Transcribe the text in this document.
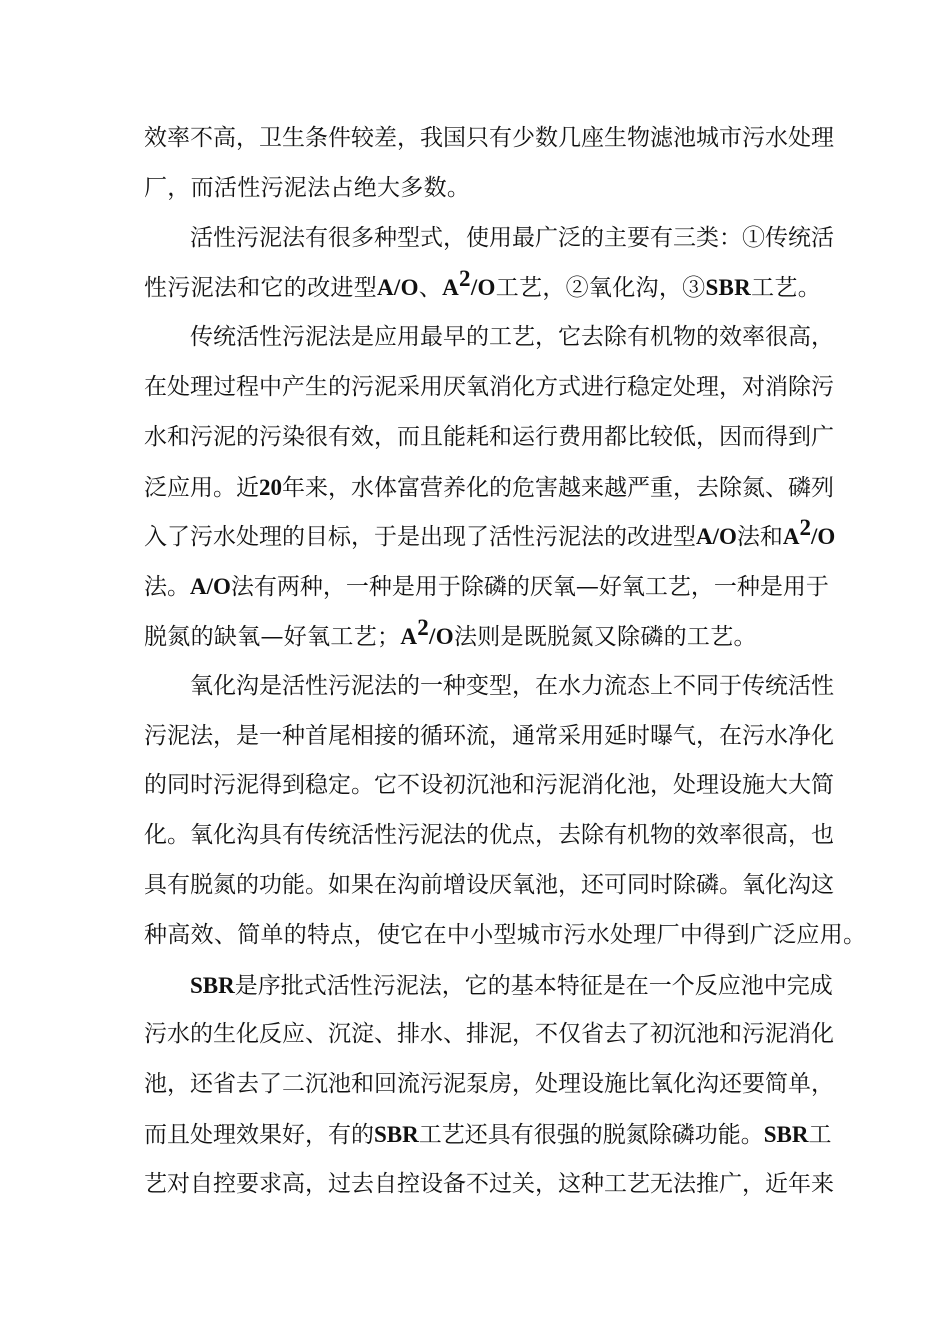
效率不高，卫生条件较差，我国只有少数几座生物滤池城市污水处理
厂，而活性污泥法占绝大多数。
活性污泥法有很多种型式，使用最广泛的主要有三类：①传统活
性污泥法和它的改进型A/O、$A^2/O$工艺，②氧化沟，③SBR工艺。
传统活性污泥法是应用最早的工艺，它去除有机物的效率很高，
在处理过程中产生的污泥采用厌氧消化方式进行稳定处理，对消除污
水和污泥的污染很有效，而且能耗和运行费用都比较低，因而得到广
泛应用。近20年来，水体富营养化的危害越来越严重，去除氮、磷列
入了污水处理的目标，于是出现了活性污泥法的改进型A/O法和$A^2/O$
法。A/O法有两种，一种是用于除磷的厌氧—好氧工艺，一种是用于
脱氮的缺氧—好氧工艺；$A^2/O$法则是既脱氮又除磷的工艺。
氧化沟是活性污泥法的一种变型，在水力流态上不同于传统活性
污泥法，是一种首尾相接的循环流，通常采用延时曝气，在污水净化
的同时污泥得到稳定。它不设初沉池和污泥消化池，处理设施大大简
化。氧化沟具有传统活性污泥法的优点，去除有机物的效率很高，也
具有脱氮的功能。如果在沟前增设厌氧池，还可同时除磷。氧化沟这
种高效、简单的特点，使它在中小型城市污水处理厂中得到广泛应用。
SBR是序批式活性污泥法，它的基本特征是在一个反应池中完成
污水的生化反应、沉淀、排水、排泥，不仅省去了初沉池和污泥消化
池，还省去了二沉池和回流污泥泵房，处理设施比氧化沟还要简单，
而且处理效果好，有的SBR工艺还具有很强的脱氮除磷功能。SBR工
艺对自控要求高，过去自控设备不过关，这种工艺无法推广，近年来
